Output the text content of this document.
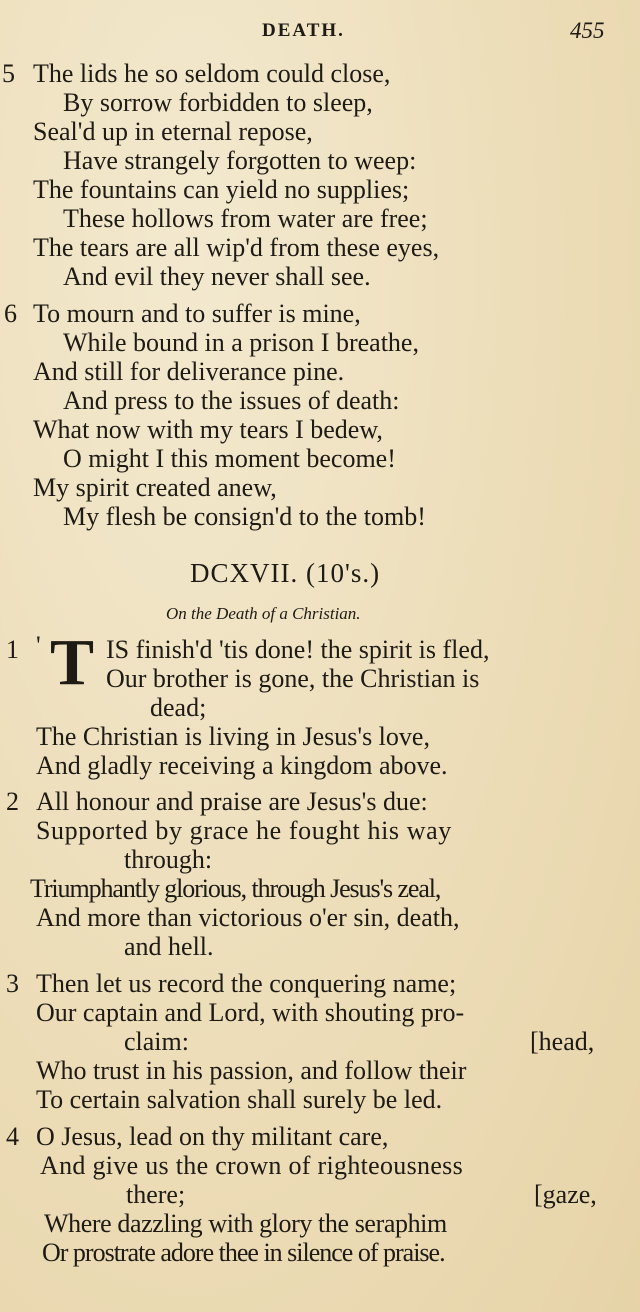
DEATH.	455
5 The lids he so seldom could close,
By sorrow forbidden to sleep,
Seal'd up in eternal repose,
Have strangely forgotten to weep:
The fountains can yield no supplies;
These hollows from water are free;
The tears are all wip'd from these eyes,
And evil they never shall see.
6 To mourn and to suffer is mine,
While bound in a prison I breathe,
And still for deliverance pine.
And press to the issues of death:
What now with my tears I bedew,
O might I this moment become!
My spirit created anew,
My flesh be consign'd to the tomb!
DCXVII. (10's.)
On the Death of a Christian.
1 ' T IS finish'd 'tis done! the spirit is fled,
Our brother is gone, the Christian is
dead;
The Christian is living in Jesus's love,
And gladly receiving a kingdom above.
2 All honour and praise are Jesus's due:
Supported by grace he fought his way
through:
Triumphantly glorious, through Jesus's zeal,
And more than victorious o'er sin, death,
and hell.
3 Then let us record the conquering name;
Our captain and Lord, with shouting pro-
claim:	[head,
Who trust in his passion, and follow their
To certain salvation shall surely be led.
4 O Jesus, lead on thy militant care,
And give us the crown of righteousness
there;	[gaze,
Where dazzling with glory the seraphim
Or prostrate adore thee in silence of praise.
